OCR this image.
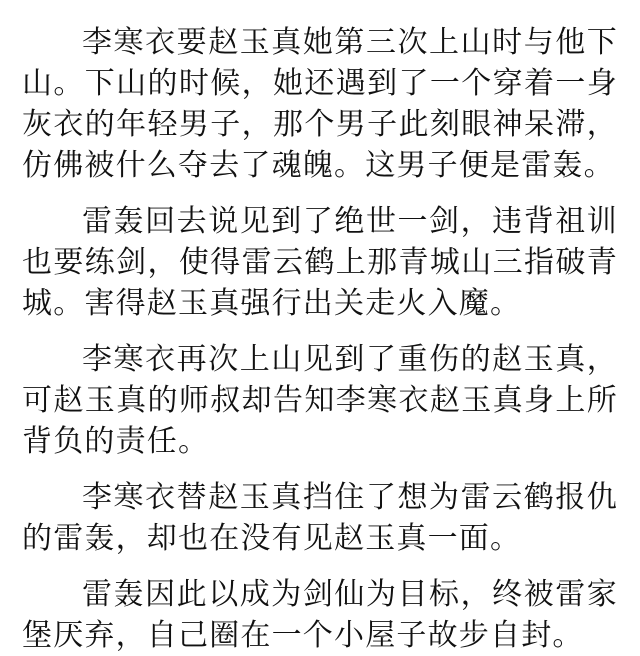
李寒衣要赵玉真她第三次上山时与他下山。下山的时候，她还遇到了一个穿着一身灰衣的年轻男子，那个男子此刻眼神呆滞，仿佛被什么夺去了魂魄。这男子便是雷轰。

雷轰回去说见到了绝世一剑，违背祖训也要练剑，使得雷云鹤上那青城山三指破青城。害得赵玉真强行出关走火入魔。

李寒衣再次上山见到了重伤的赵玉真，可赵玉真的师叔却告知李寒衣赵玉真身上所背负的责任。

李寒衣替赵玉真挡住了想为雷云鹤报仇的雷轰，却也在没有见赵玉真一面。

雷轰因此以成为剑仙为目标，终被雷家堡厌弃，自己圈在一个小屋子故步自封。
